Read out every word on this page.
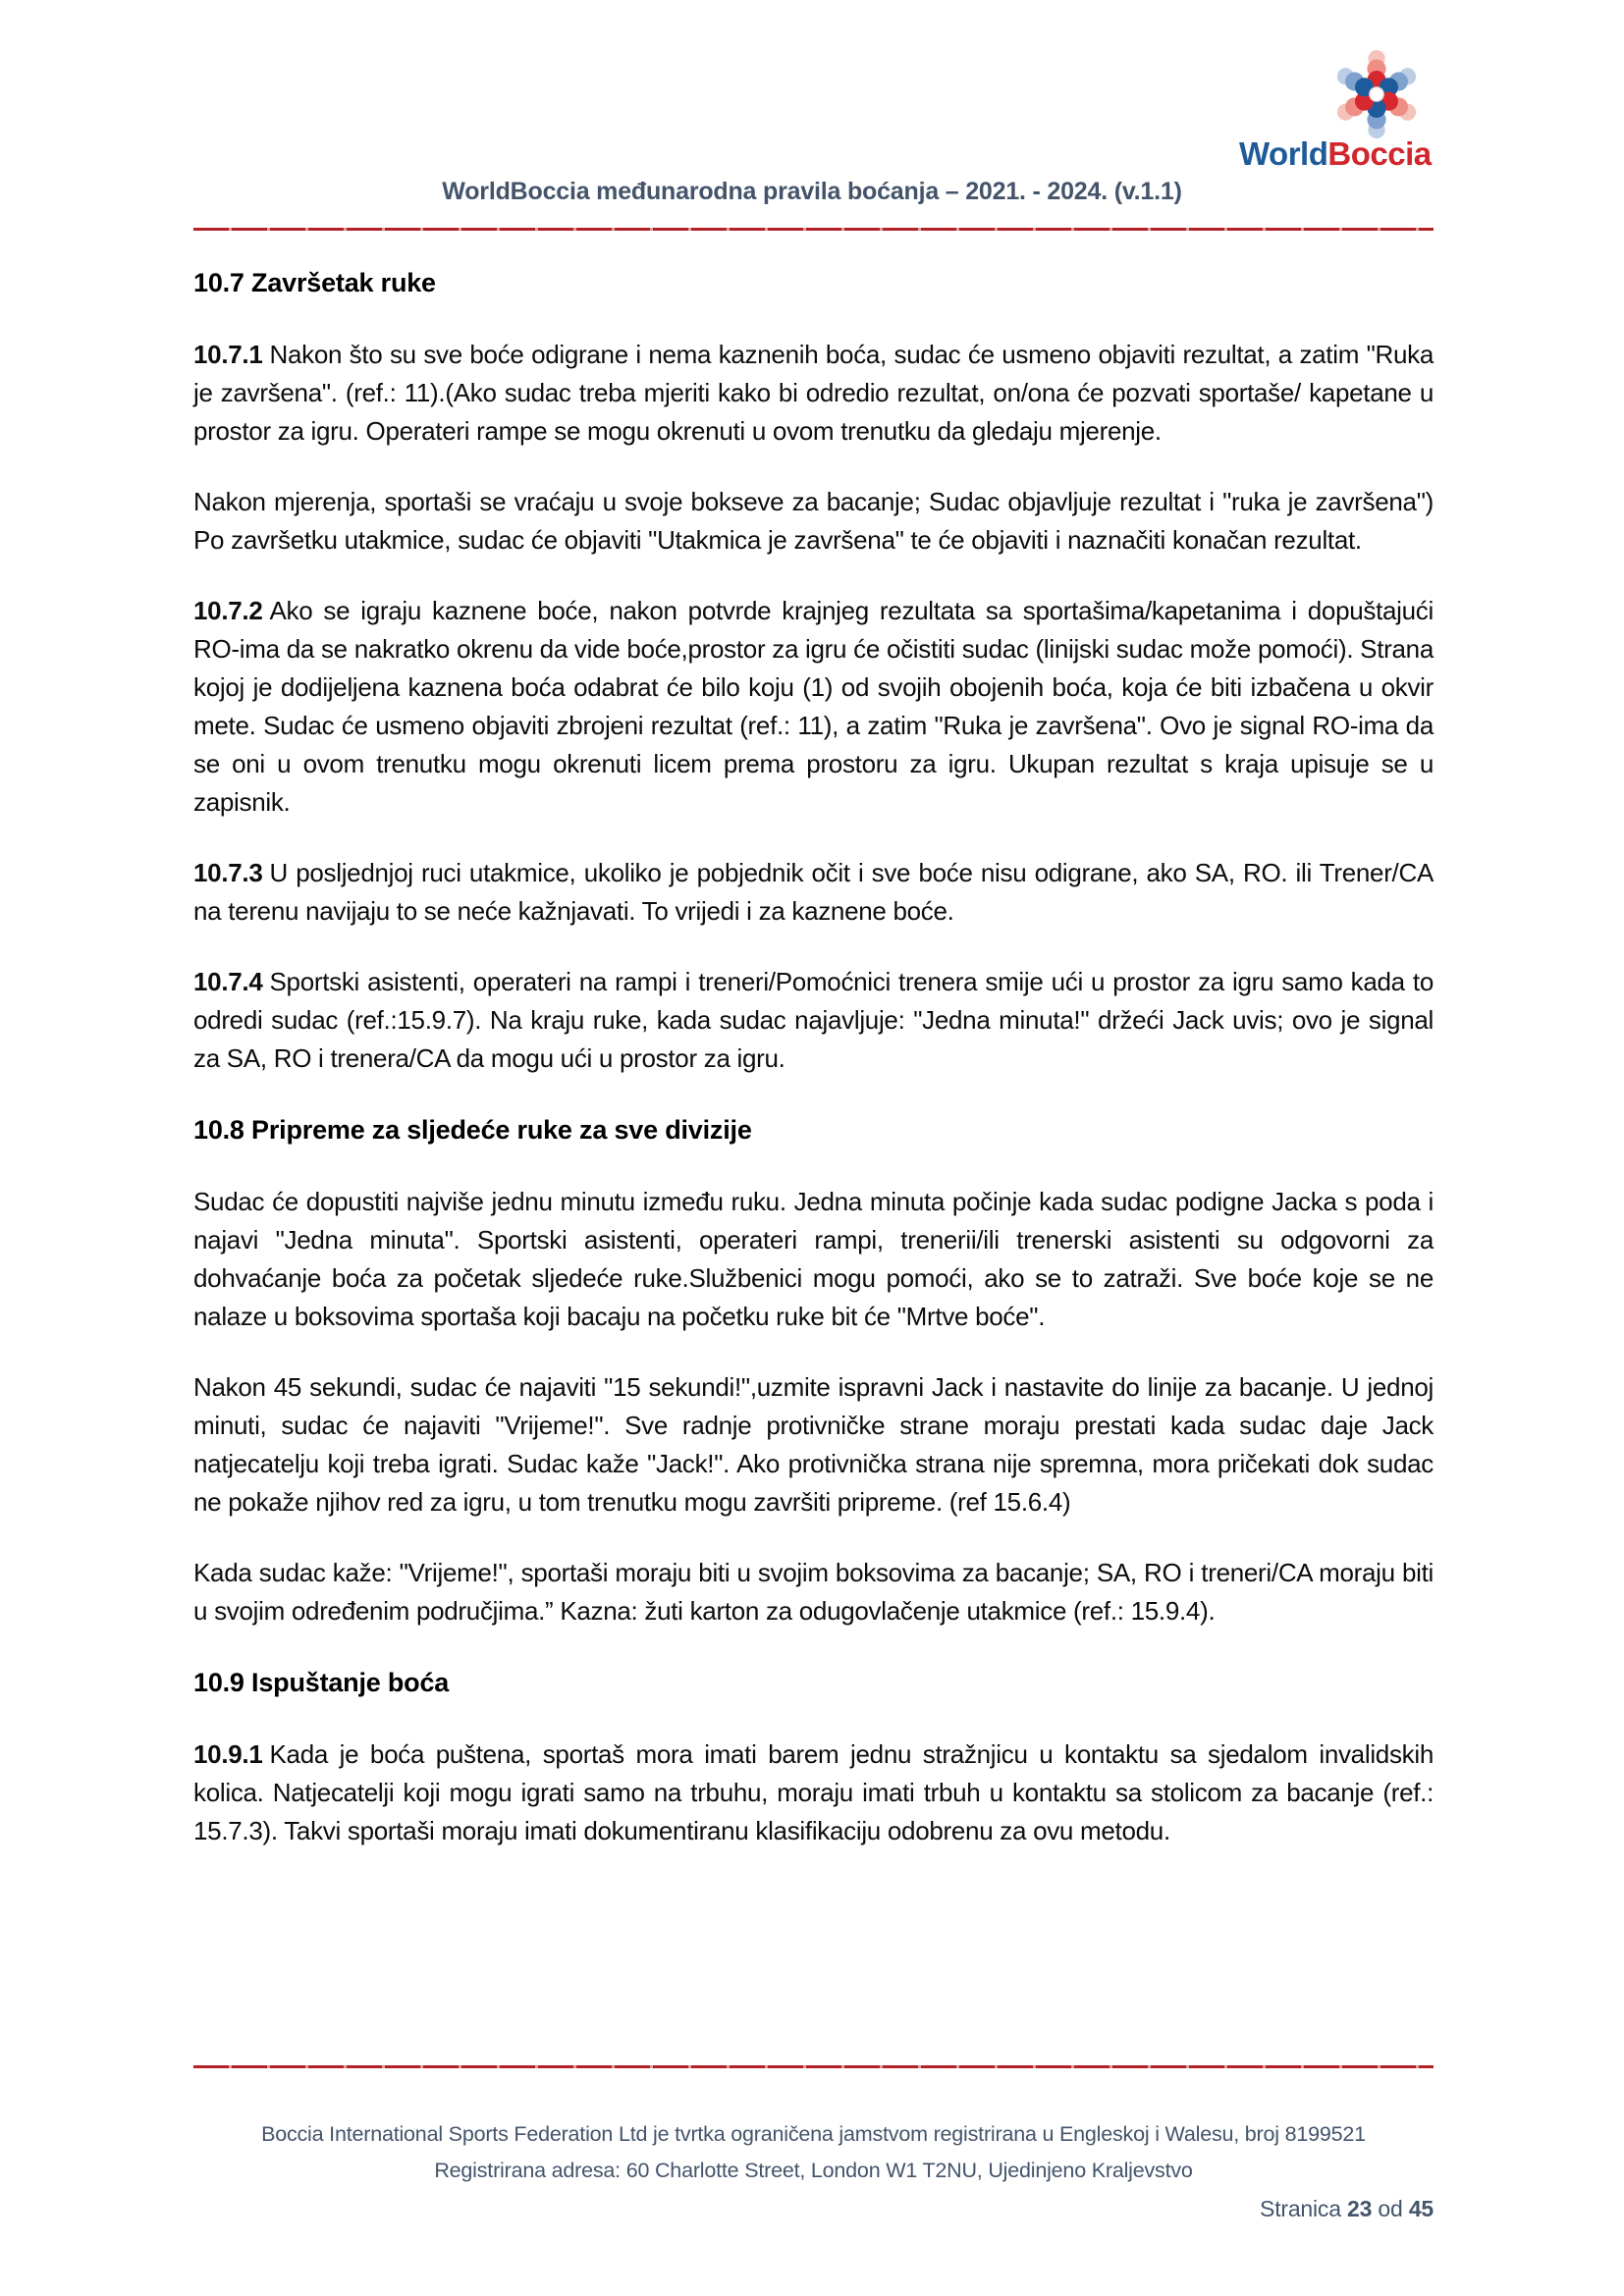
WorldBoccia
WorldBoccia međunarodna pravila boćanja – 2021. - 2024. (v.1.1)
10.7 Završetak ruke

10.7.1 Nakon što su sve boće odigrane i nema kaznenih boća, sudac će usmeno objaviti rezultat, a zatim "Ruka je završena". (ref.: 11).(Ako sudac treba mjeriti kako bi odredio rezultat, on/ona će pozvati sportaše/ kapetane u prostor za igru. Operateri rampe se mogu okrenuti u ovom trenutku da gledaju mjerenje.

Nakon mjerenja, sportaši se vraćaju u svoje bokseve za bacanje; Sudac objavljuje rezultat i "ruka je završena") Po završetku utakmice, sudac će objaviti "Utakmica je završena" te će objaviti i naznačiti konačan rezultat.

10.7.2 Ako se igraju kaznene boće, nakon potvrde krajnjeg rezultata sa sportašima/kapetanima i dopuštajući RO-ima da se nakratko okrenu da vide boće,prostor za igru će očistiti sudac (linijski sudac može pomoći). Strana kojoj je dodijeljena kaznena boća odabrat će bilo koju (1) od svojih obojenih boća, koja će biti izbačena u okvir mete. Sudac će usmeno objaviti zbrojeni rezultat (ref.: 11), a zatim "Ruka je završena". Ovo je signal RO-ima da se oni u ovom trenutku mogu okrenuti licem prema prostoru za igru. Ukupan rezultat s kraja upisuje se u zapisnik.

10.7.3 U posljednjoj ruci utakmice, ukoliko je pobjednik očit i sve boće nisu odigrane, ako SA, RO. ili Trener/CA na terenu navijaju to se neće kažnjavati. To vrijedi i za kaznene boće.

10.7.4 Sportski asistenti, operateri na rampi i treneri/Pomoćnici trenera smije ući u prostor za igru samo kada to odredi sudac (ref.:15.9.7). Na kraju ruke, kada sudac najavljuje: "Jedna minuta!" držeći Jack uvis; ovo je signal za SA, RO i trenera/CA da mogu ući u prostor za igru.

10.8 Pripreme za sljedeće ruke za sve divizije

Sudac će dopustiti najviše jednu minutu između ruku. Jedna minuta počinje kada sudac podigne Jacka s poda i najavi "Jedna minuta". Sportski asistenti, operateri rampi, trenerii/ili trenerski asistenti su odgovorni za dohvaćanje boća za početak sljedeće ruke.Službenici mogu pomoći, ako se to zatraži. Sve boće koje se ne nalaze u boksovima sportaša koji bacaju na početku ruke bit će "Mrtve boće".

Nakon 45 sekundi, sudac će najaviti "15 sekundi!",uzmite ispravni Jack i nastavite do linije za bacanje. U jednoj minuti, sudac će najaviti "Vrijeme!". Sve radnje protivničke strane moraju prestati kada sudac daje Jack natjecatelju koji treba igrati. Sudac kaže "Jack!". Ako protivnička strana nije spremna, mora pričekati dok sudac ne pokaže njihov red za igru, u tom trenutku mogu završiti pripreme. (ref 15.6.4)

Kada sudac kaže: "Vrijeme!", sportaši moraju biti u svojim boksovima za bacanje; SA, RO i treneri/CA moraju biti u svojim određenim područjima.” Kazna: žuti karton za odugovlačenje utakmice (ref.: 15.9.4).

10.9 Ispuštanje boća

10.9.1 Kada je boća puštena, sportaš mora imati barem jednu stražnjicu u kontaktu sa sjedalom invalidskih kolica. Natjecatelji koji mogu igrati samo na trbuhu, moraju imati trbuh u kontaktu sa stolicom za bacanje (ref.: 15.7.3). Takvi sportaši moraju imati dokumentiranu klasifikaciju odobrenu za ovu metodu.

Boccia International Sports Federation Ltd je tvrtka ograničena jamstvom registrirana u Engleskoj i Walesu, broj 8199521
Registrirana adresa: 60 Charlotte Street, London W1 T2NU, Ujedinjeno Kraljevstvo
Stranica 23 od 45
